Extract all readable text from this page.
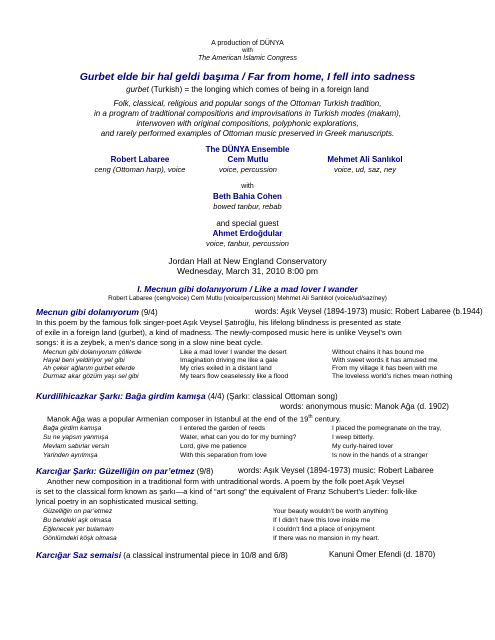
A production of DÜNYA
with
The American Islamic Congress
Gurbet elde bir hal geldi başıma / Far from home, I fell into sadness
gurbet (Turkish) = the longing which comes of being in a foreign land
Folk, classical, religious and popular songs of the Ottoman Turkish tradition,
in a program of traditional compositions and improvisations in Turkish modes (makam),
interwoven with original compositions, polyphonic explorations,
and rarely performed examples of Ottoman music preserved in Greek manuscripts.
The DÜNYA Ensemble
Robert Labaree	Cem Mutlu	Mehmet Ali Sanlıkol
ceng (Ottoman harp), voice	voice, percussion	voice, ud, saz, ney
with
Beth Bahia Cohen
bowed tanbur, rebab
and special guest
Ahmet Erdoğdular
voice, tanbur, percussion
Jordan Hall at New England Conservatory
Wednesday, March 31, 2010 8:00 pm
I. Mecnun gibi dolanıyorum / Like a mad lover I wander
Robert Labaree (ceng/voice) Cem Mutlu (voice/percussion) Mehmet Ali Sanlıkol (voice/ud/saz/ney)
Mecnun gibi dolanıyorum (9/4)	words: Aşık Veysel (1894-1973) music: Robert Labaree (b.1944)
In this poem by the famous folk singer-poet Aşık Veysel Şatıroğlu, his lifelong blindness is presented as state
of exile in a foreign land (gurbet), a kind of madness. The newly-composed music here is unlike Veysel’s own
songs: it is a zeybek, a men’s dance song in a slow nine beat cycle.
Mecnun gibi dolanıyorum çöllerde	Like a mad lover I wander the desert	Without chains it has bound me
Hayal beni yeldiriyor yel gibi	Imagination driving me like a gale	With sweet words it has amused me
Ah çeker ağlarım gurbet ellerde	My cries exiled in a distant land	From my village it has been with me
Durmaz akar gözüm yaşı sel gibi	My tears flow ceaselessly like a flood	The loveless world’s riches mean nothing
Kurdilihicazkar Şarkı: Bağa girdim kamışa (4/4) (Şarkı: classical Ottoman song)
words: anonymous music: Manok Ağa (d. 1902)
Manok Ağa was a popular Armenian composer in Istanbul at the end of the 19th century.
Bağa girdim kamışa	I entered the garden of reeds	I placed the pomegranate on the tray,
Su ne yapsın yanmışa	Water, what can you do for my burning?	I weep bitterly.
Mevlam sabırlar versin	Lord, give me patience	My curly-haired lover
Yarinden ayrılmışa	With this separation from love	Is now in the hands of a stranger
Karcığar Şarkı: Güzelliğin on par’etmez (9/8)	words: Aşık Veysel (1894-1973) music: Robert Labaree
Another new composition in a traditional form with untraditional words. A poem by the folk poet Aşık Veysel
is set to the classical form known as şarkı—a kind of “art song” the equivalent of Franz Schubert’s Lieder: folk-like
lyrical poetry in an sophisticated musical setting.
Güzelliğin on par’etmez	Your beauty wouldn’t be worth anything
Bu bendeki aşk olmasa	If I didn’t have this love inside me
Eğlenecek yer bulamam	I couldn’t find a place of enjoyment
Gönlümdeki köşk olmasa	If there was no mansion in my heart.
Karcığar Saz semaisi (a classical instrumental piece in 10/8 and 6/8)	Kanuni Ömer Efendi (d. 1870)
